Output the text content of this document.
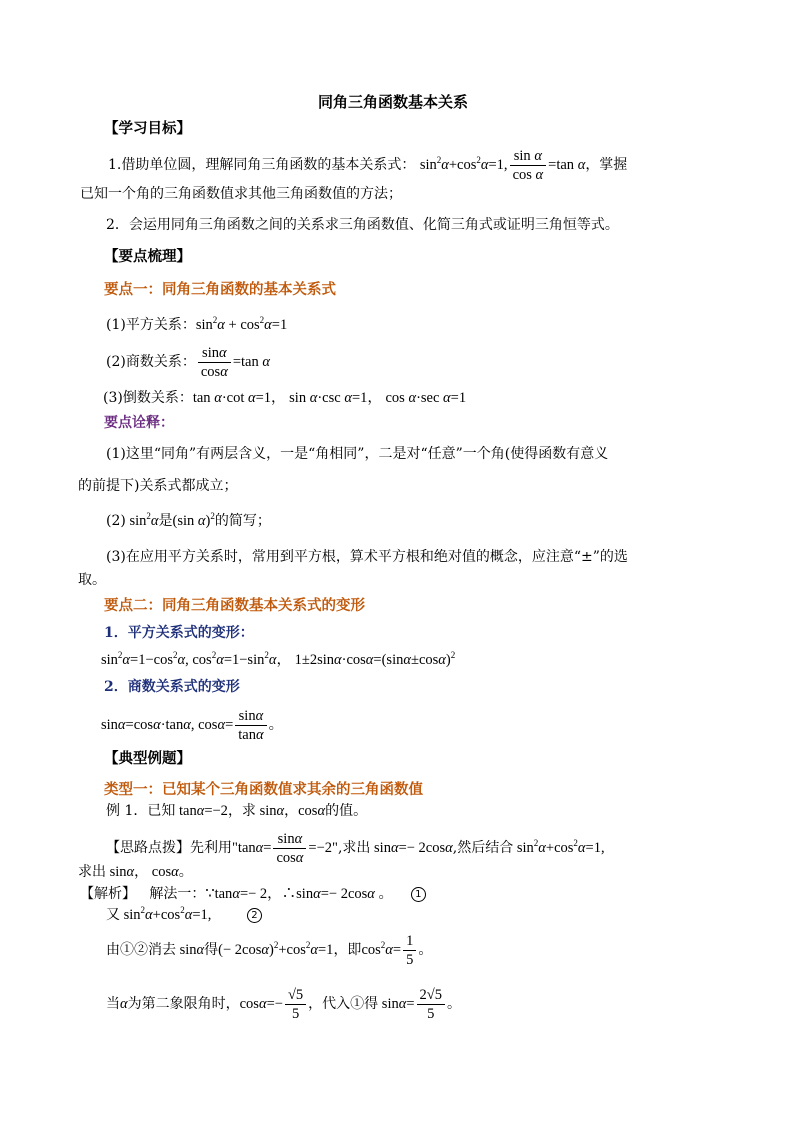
同角三角函数基本关系
【学习目标】
1.借助单位圆，理解同角三角函数的基本关系式： $\sin^2\alpha+\cos^2\alpha=1$, $\frac{\text{sin α}}{\text{cos α}} =\tan$ α，掌握
已知一个角的三角函数值求其他三角函数值的方法；
2．会运用同角三角函数之间的关系求三角函数值、化简三角式或证明三角恒等式。
【要点梳理】
要点一：同角三角函数的基本关系式
(1)平方关系：$\sin^2\alpha + \cos^2\alpha=1$
(2)商数关系： $\frac{\sin\alpha}{\cos\alpha} =\tan$ α
(3)倒数关系：tan α·cot α=1， sin α·csc α=1， cos α·sec α=1
要点诠释：
(1)这里“同角”有两层含义，一是“角相同”，二是对“任意”一个角(使得函数有意义
的前提下)关系式都成立；
(2) $\sin^2\alpha$是(sin α)$^2$的简写；
(3)在应用平方关系时，常用到平方根，算术平方根和绝对值的概念，应注意“±”的选
取。
要点二：同角三角函数基本关系式的变形
1．平方关系式的变形：
$\sin^2\alpha=1-\cos^2\alpha$, $\cos^2\alpha=1-\sin^2\alpha$， $1\pm 2\sin\alpha\cdot\cos\alpha=(\sin\alpha\pm\cos\alpha)^2$
2．商数关系式的变形
sinα=cosα·tanα, $\cos\alpha= \frac{\sin\alpha}{\tan\alpha}$ 。
【典型例题】
类型一：已知某个三角函数值求其余的三角函数值
例 1．已知 tanα=−2，求 sinα，cosα的值。
【思路点拨】先利用"$\tan\alpha= \frac{\sin\alpha}{\cos\alpha} =-2$",求出 sinα=− 2cosα,然后结合 $\sin^2\alpha+\cos^2\alpha=1$,
求出 sinα， cosα。
【解析】 解法一：∵tanα=− 2，∴sinα=− 2cosα 。 1
又 $\sin^2\alpha+\cos^2\alpha=1$,	2
由①②消去 sinα得(− $2\cos\alpha)^2+\cos^2\alpha=1$，即$\cos^2\alpha= \frac{1}{5}$ 。
当α为第二象限角时，$\cos\alpha=- \frac{√5}{5}$ ，代入①得 $\sin\alpha= \frac{2√5}{5}$ 。
